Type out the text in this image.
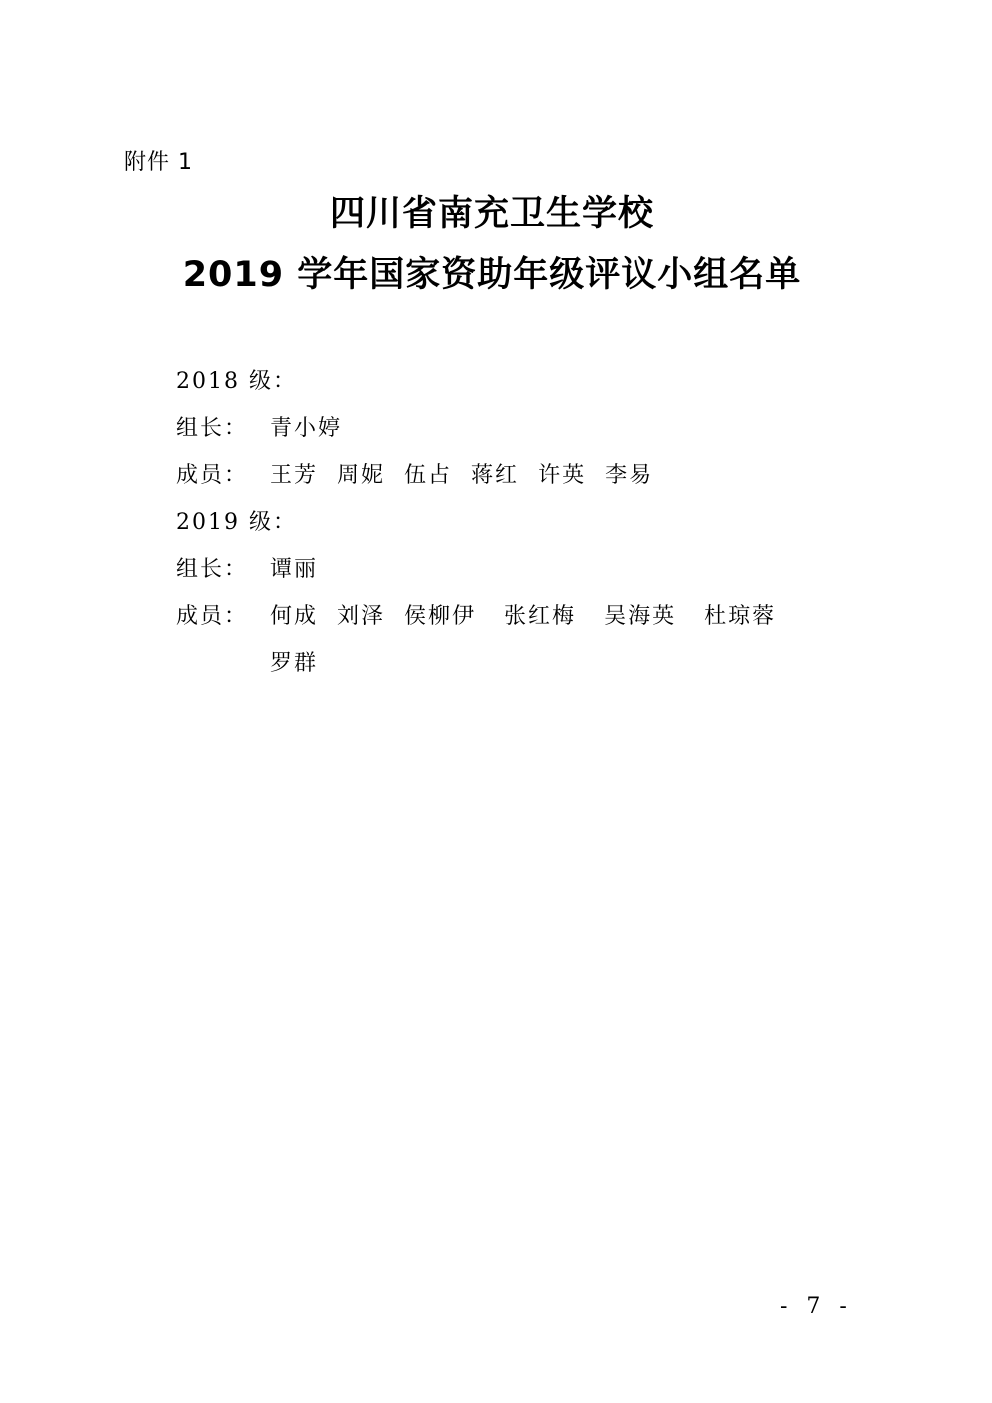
附件 1
四川省南充卫生学校
2019 学年国家资助年级评议小组名单
2018 级：
组长： 青小婷
成员： 王芳 周妮 伍占 蒋红 许英 李易
2019 级：
组长： 谭丽
成员： 何成 刘泽 侯柳伊 张红梅 吴海英 杜琼蓉
罗群
- 7 -
